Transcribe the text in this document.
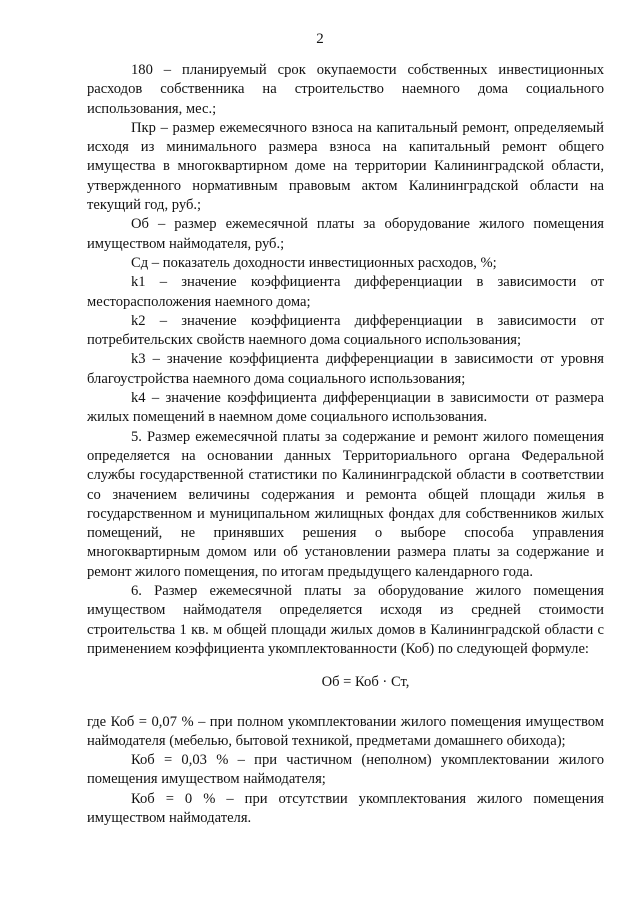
2

180 – планируемый срок окупаемости собственных инвестиционных расходов собственника на строительство наемного дома социального использования, мес.;

Пкр – размер ежемесячного взноса на капитальный ремонт, определяемый исходя из минимального размера взноса на капитальный ремонт общего имущества в многоквартирном доме на территории Калининградской области, утвержденного нормативным правовым актом Калининградской области на текущий год, руб.;

Об – размер ежемесячной платы за оборудование жилого помещения имуществом наймодателя, руб.;

Сд – показатель доходности инвестиционных расходов, %;

k1 – значение коэффициента дифференциации в зависимости от месторасположения наемного дома;

k2 – значение коэффициента дифференциации в зависимости от потребительских свойств наемного дома социального использования;

k3 – значение коэффициента дифференциации в зависимости от уровня благоустройства наемного дома социального использования;

k4 – значение коэффициента дифференциации в зависимости от размера жилых помещений в наемном доме социального использования.

5. Размер ежемесячной платы за содержание и ремонт жилого помещения определяется на основании данных Территориального органа Федеральной службы государственной статистики по Калининградской области в соответствии со значением величины содержания и ремонта общей площади жилья в государственном и муниципальном жилищных фондах для собственников жилых помещений, не принявших решения о выборе способа управления многоквартирным домом или об установлении размера платы за содержание и ремонт жилого помещения, по итогам предыдущего календарного года.

6. Размер ежемесячной платы за оборудование жилого помещения имуществом наймодателя определяется исходя из средней стоимости строительства 1 кв. м общей площади жилых домов в Калининградской области с применением коэффициента укомплектованности (Коб) по следующей формуле:

Об = Коб · Ст,

где Коб = 0,07 % – при полном укомплектовании жилого помещения имуществом наймодателя (мебелью, бытовой техникой, предметами домашнего обихода);

Коб = 0,03 % – при частичном (неполном) укомплектовании жилого помещения имуществом наймодателя;

Коб = 0 % – при отсутствии укомплектования жилого помещения имуществом наймодателя.
